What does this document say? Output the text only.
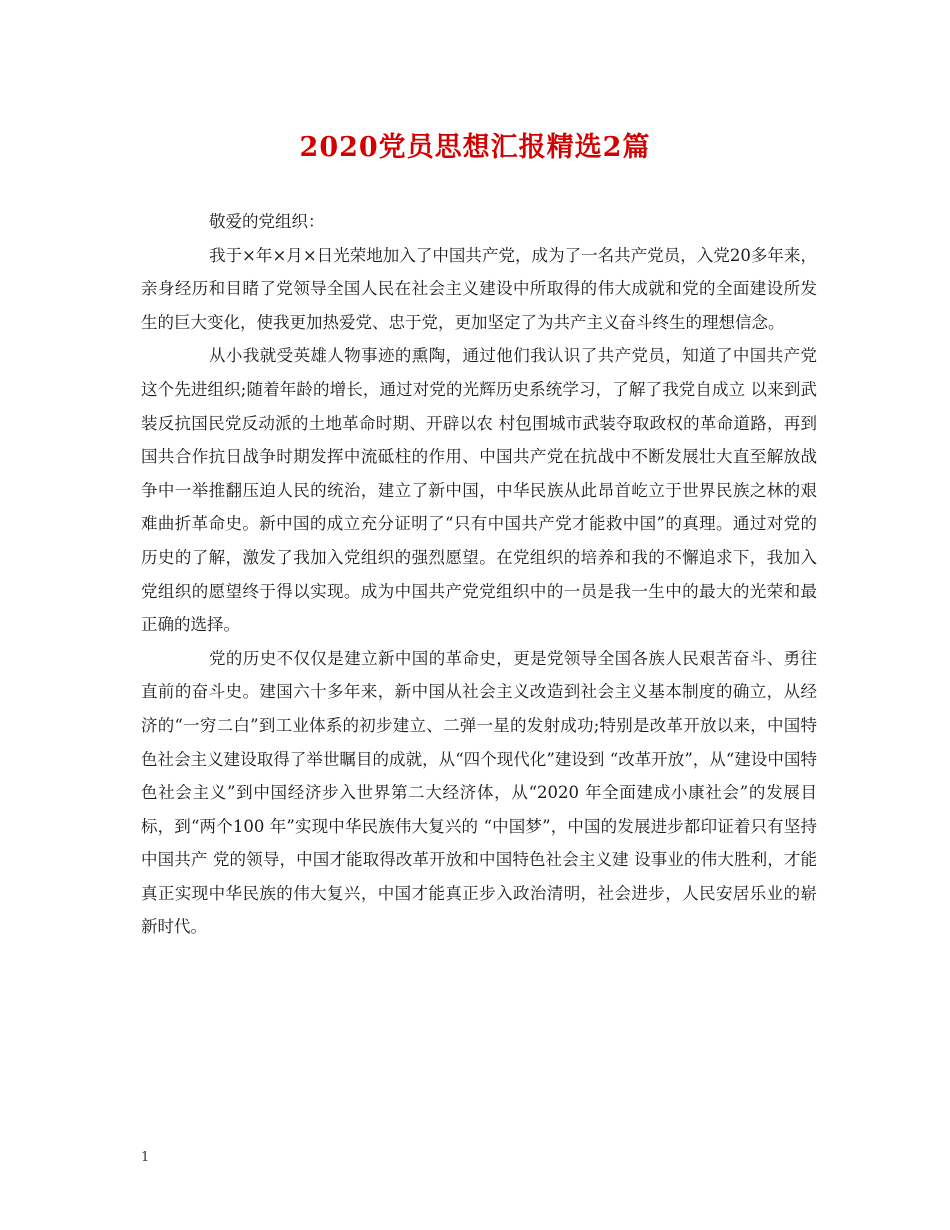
2020党员思想汇报精选2篇

敬爱的党组织：

我于×年×月×日光荣地加入了中国共产党，成为了一名共产党员，入党20多年来，亲身经历和目睹了党领导全国人民在社会主义建设中所取得的伟大成就和党的全面建设所发生的巨大变化，使我更加热爱党、忠于党，更加坚定了为共产主义奋斗终生的理想信念。

从小我就受英雄人物事迹的熏陶，通过他们我认识了共产党员，知道了中国共产党这个先进组织;随着年龄的增长，通过对党的光辉历史系统学习，了解了我党自成立 以来到武装反抗国民党反动派的土地革命时期、开辟以农 村包围城市武装夺取政权的革命道路，再到国共合作抗日战争时期发挥中流砥柱的作用、中国共产党在抗战中不断发展壮大直至解放战争中一举推翻压迫人民的统治，建立了新中国，中华民族从此昂首屹立于世界民族之林的艰难曲折革命史。新中国的成立充分证明了“只有中国共产党才能救中国”的真理。通过对党的历史的了解，激发了我加入党组织的强烈愿望。在党组织的培养和我的不懈追求下，我加入党组织的愿望终于得以实现。成为中国共产党党组织中的一员是我一生中的最大的光荣和最正确的选择。

党的历史不仅仅是建立新中国的革命史，更是党领导全国各族人民艰苦奋斗、勇往直前的奋斗史。建国六十多年来，新中国从社会主义改造到社会主义基本制度的确立，从经济的“一穷二白”到工业体系的初步建立、二弹一星的发射成功;特别是改革开放以来，中国特色社会主义建设取得了举世瞩目的成就，从“四个现代化”建设到 “改革开放”，从“建设中国特色社会主义”到中国经济步入世界第二大经济体，从“2020 年全面建成小康社会”的发展目标，到“两个100 年”实现中华民族伟大复兴的 “中国梦”，中国的发展进步都印证着只有坚持中国共产 党的领导，中国才能取得改革开放和中国特色社会主义建 设事业的伟大胜利，才能真正实现中华民族的伟大复兴，中国才能真正步入政治清明，社会进步，人民安居乐业的崭新时代。

1
